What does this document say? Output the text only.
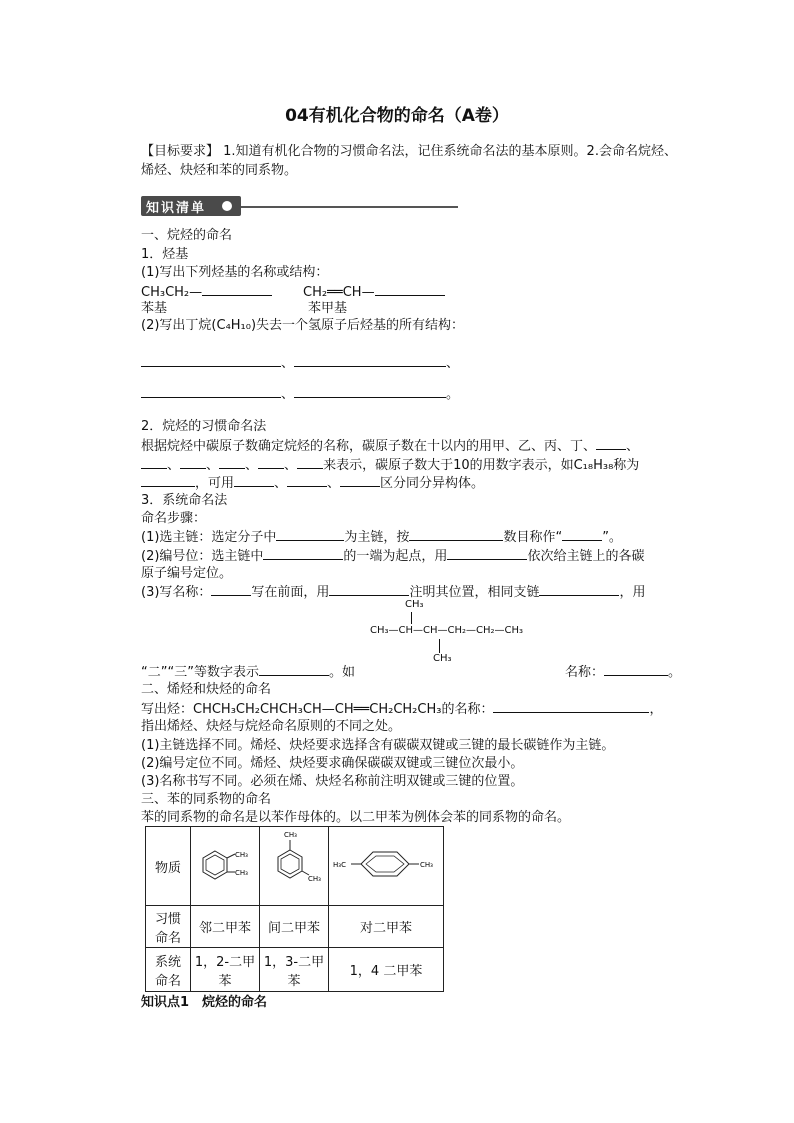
04有机化合物的命名（A卷）
【目标要求】 1.知道有机化合物的习惯命名法，记住系统命名法的基本原则。2.会命名烷烃、
烯烃、炔烃和苯的同系物。
知识清单
一、烷烃的命名
1．烃基
(1)写出下列烃基的名称或结构：
CH₃CH₂—	CH₂══CH—
苯基	苯甲基
(2)写出丁烷(C₄H₁₀)失去一个氢原子后烃基的所有结构：
、	、
、	。
2．烷烃的习惯命名法
根据烷烃中碳原子数确定烷烃的名称，碳原子数在十以内的用甲、乙、丙、丁、 、
、 、 、 、 来表示，碳原子数大于10的用数字表示，如C₁₈H₃₈称为
，可用	、	、	区分同分异构体。
3．系统命名法
命名步骤：
(1)选主链：选定分子中	为主链，按	数目称作“	”。
(2)编号位：选主链中	的一端为起点，用	依次给主链上的各碳
原子编号定位。
(3)写名称：	写在前面，用	注明其位置，相同支链	，用
CH₃
CH₃—CH—CH—CH₂—CH₂—CH₃
CH₃
“二”“三”等数字表示	。如	名称：	。
二、烯烃和炔烃的命名
写出烃：CHCH₃CH₂CHCH₃CH—CH══CH₂CH₂CH₃的名称：	，
指出烯烃、炔烃与烷烃命名原则的不同之处。
(1)主链选择不同。烯烃、炔烃要求选择含有碳碳双键或三键的最长碳链作为主链。
(2)编号定位不同。烯烃、炔烃要求确保碳碳双键或三键位次最小。
(3)名称书写不同。必须在烯、炔烃名称前注明双键或三键的位置。
三、苯的同系物的命名
苯的同系物的命名是以苯作母体的。以二甲苯为例体会苯的同系物的命名。
物质	CH₃
CH₃	CH₃
CH₃	H₃C CH₃

习惯
命名	邻二甲苯	间二甲苯	对二甲苯
系统
命名	1，2-二甲苯	1，3-二甲苯	1，4 二甲苯
知识点1　烷烃的命名
